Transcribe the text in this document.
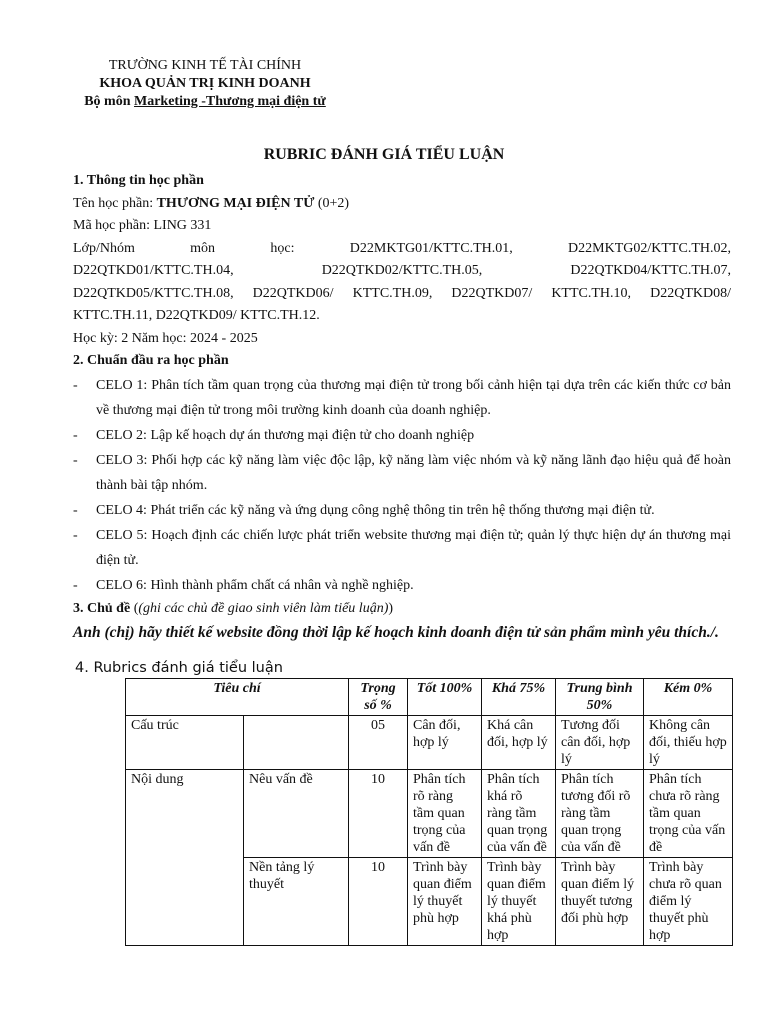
TRƯỜNG KINH TẾ TÀI CHÍNH
KHOA QUẢN TRỊ KINH DOANH
Bộ môn Marketing -Thương mại điện tử
RUBRIC ĐÁNH GIÁ TIỂU LUẬN

1. Thông tin học phần

Tên học phần: THƯƠNG MẠI ĐIỆN TỬ (0+2)

Mã học phần: LING 331

Lớp/Nhóm môn học: D22MKTG01/KTTC.TH.01, D22MKTG02/KTTC.TH.02,
D22QTKD01/KTTC.TH.04, D22QTKD02/KTTC.TH.05, D22QTKD04/KTTC.TH.07,
D22QTKD05/KTTC.TH.08, D22QTKD06/ KTTC.TH.09, D22QTKD07/ KTTC.TH.10, D22QTKD08/
KTTC.TH.11, D22QTKD09/ KTTC.TH.12.

Học kỳ: 2 Năm học: 2024 - 2025

2. Chuẩn đầu ra học phần

- CELO 1: Phân tích tầm quan trọng của thương mại điện tử trong bối cảnh hiện tại dựa trên các kiến thức cơ bản về thương mại điện tử trong môi trường kinh doanh của doanh nghiệp.
- CELO 2: Lập kế hoạch dự án thương mại điện tử cho doanh nghiệp
- CELO 3: Phối hợp các kỹ năng làm việc độc lập, kỹ năng làm việc nhóm và kỹ năng lãnh đạo hiệu quả để hoàn thành bài tập nhóm.
- CELO 4: Phát triển các kỹ năng và ứng dụng công nghệ thông tin trên hệ thống thương mại điện tử.
- CELO 5: Hoạch định các chiến lược phát triển website thương mại điện tử; quản lý thực hiện dự án thương mại điện tử.
- CELO 6: Hình thành phẩm chất cá nhân và nghề nghiệp.

3. Chủ đề ((ghi các chủ đề giao sinh viên làm tiểu luận))

Anh (chị) hãy thiết kế website đồng thời lập kế hoạch kinh doanh điện tử sản phẩm mình yêu thích./.

4. Rubrics đánh giá tiểu luận
Tiêu chí		Trọng số %	Tốt 100%	Khá 75%	Trung bình 50%	Kém 0%
Cấu trúc		05	Cân đối, hợp lý	Khá cân đối, hợp lý	Tương đối cân đối, hợp lý	Không cân đối, thiếu hợp lý
Nội dung	Nêu vấn đề	10	Phân tích rõ ràng tầm quan trọng của vấn đề	Phân tích khá rõ ràng tầm quan trọng của vấn đề	Phân tích tương đối rõ ràng tầm quan trọng của vấn đề	Phân tích chưa rõ ràng tầm quan trọng của vấn đề
	Nền tảng lý thuyết	10	Trình bày quan điểm lý thuyết phù hợp	Trình bày quan điểm lý thuyết khá phù hợp	Trình bày quan điểm lý thuyết tương đối phù hợp	Trình bày chưa rõ quan điểm lý thuyết phù hợp
